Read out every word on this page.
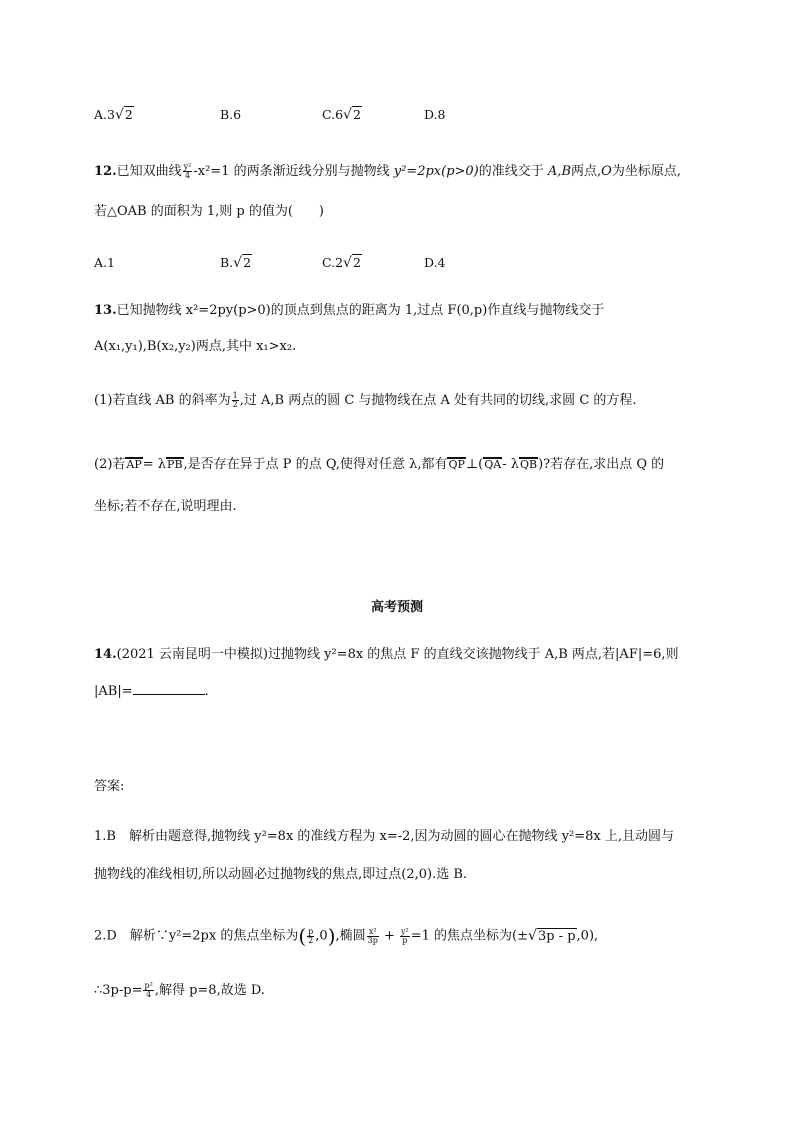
A.3√2	B.6	C.6√2	D.8
12.已知双曲线 $\frac{\text{y²}}{4} -x^2=1$ 的两条渐近线分别与抛物线 y²=2px(p>0)的准线交于 A,B两点,O为坐标原点,
若△OAB 的面积为 1,则 p 的值为(　　)
A.1	B.√2	C.2√2	D.4
13.已知抛物线 x²=2py(p>0)的顶点到焦点的距离为 1,过点 F(0,p)作直线与抛物线交于
A(x₁,y₁),B(x₂,y₂)两点,其中 x₁>x₂.
(1)若直线 AB 的斜率为 $\frac{1}{2}$ ,过 A,B 两点的圆 C 与抛物线在点 A 处有共同的切线,求圆 C 的方程.
(2)若AP= λPB,是否存在异于点 P 的点 Q,使得对任意 λ,都有QP⊥(QA- λQB)?若存在,求出点 Q 的
坐标;若不存在,说明理由.
高考预测
14.(2021 云南昆明一中模拟)过抛物线 y²=8x 的焦点 F 的直线交该抛物线于 A,B 两点,若|AF|=6,则
|AB|=	.
答案:
1.B　解析由题意得,抛物线 y²=8x 的准线方程为 x=-2,因为动圆的圆心在抛物线 y²=8x 上,且动圆与
抛物线的准线相切,所以动圆必过抛物线的焦点,即过点(2,0).选 B.
2.D　解析∵y²=2px 的焦点坐标为( $\frac{p}{2} ,0$),椭圆 $\frac{\text{x²}}{3p} + \frac{\text{y²}}{p} =1$ 的焦点坐标为(±√3p - p,0),
∴3p-p= $\frac{\text{p²}}{4}$ ,解得 p=8,故选 D.
